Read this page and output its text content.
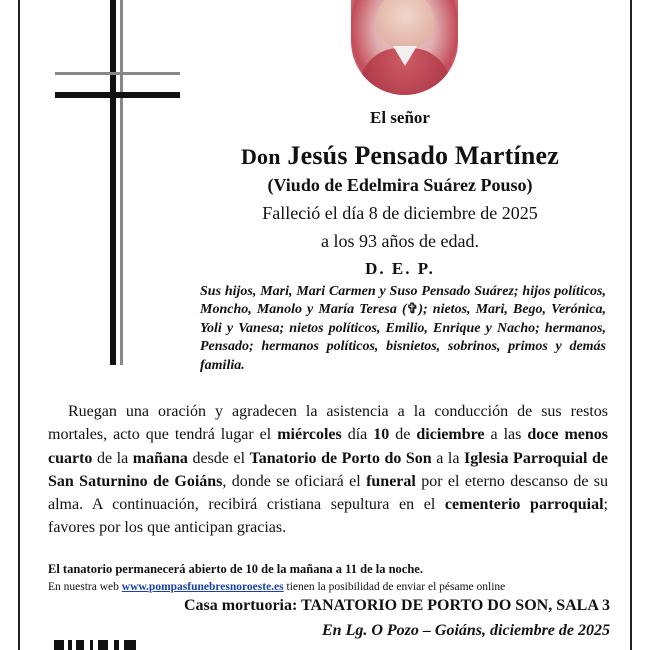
El señor
Don Jesús Pensado Martínez
(Viudo de Edelmira Suárez Pouso)
Falleció el día 8 de diciembre de 2025
a los 93 años de edad.
D. E. P.
Sus hijos, Mari, Mari Carmen y Suso Pensado Suárez; hijos políticos, Moncho, Manolo y María Teresa (✞); nietos, Mari, Bego, Verónica, Yoli y Vanesa; nietos políticos, Emilio, Enrique y Nacho; hermanos, Pensado; hermanos políticos, bisnietos, sobrinos, primos y demás familia.
Ruegan una oración y agradecen la asistencia a la conducción de sus restos mortales, acto que tendrá lugar el miércoles día 10 de diciembre a las doce menos cuarto de la mañana desde el Tanatorio de Porto do Son a la Iglesia Parroquial de San Saturnino de Goiáns, donde se oficiará el funeral por el eterno descanso de su alma. A continuación, recibirá cristiana sepultura en el cementerio parroquial; favores por los que anticipan gracias.
El tanatorio permanecerá abierto de 10 de la mañana a 11 de la noche.
En nuestra web www.pompasfunebresnoroeste.es tienen la posibilidad de enviar el pésame online
Casa mortuoria: TANATORIO DE PORTO DO SON, SALA 3
En Lg. O Pozo – Goiáns, diciembre de 2025
